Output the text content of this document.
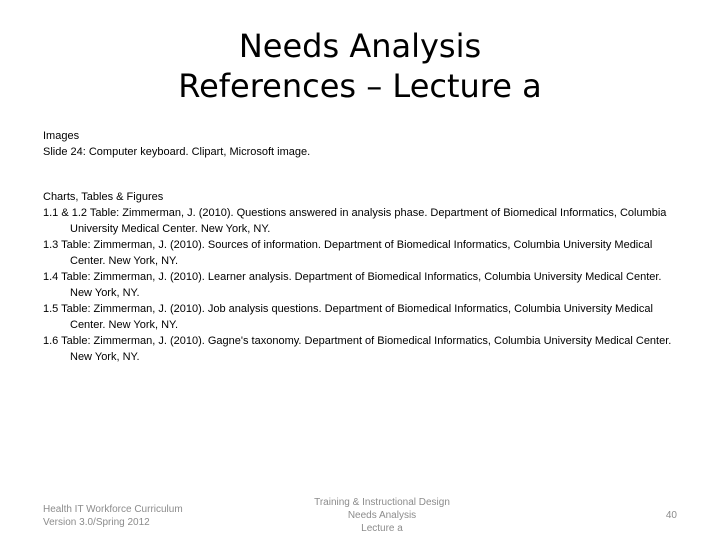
Needs Analysis
References – Lecture a

Images

Slide 24: Computer keyboard. Clipart, Microsoft image.

Charts, Tables & Figures

1.1 & 1.2 Table: Zimmerman, J. (2010). Questions answered in analysis phase. Department of Biomedical Informatics, Columbia University Medical Center. New York, NY.

1.3 Table: Zimmerman, J. (2010). Sources of information. Department of Biomedical Informatics, Columbia University Medical Center. New York, NY.

1.4 Table: Zimmerman, J. (2010). Learner analysis. Department of Biomedical Informatics, Columbia University Medical Center. New York, NY.

1.5 Table: Zimmerman, J. (2010). Job analysis questions. Department of Biomedical Informatics, Columbia University Medical Center. New York, NY.

1.6 Table: Zimmerman, J. (2010). Gagne's taxonomy. Department of Biomedical Informatics, Columbia University Medical Center. New York, NY.

Health IT Workforce Curriculum
Version 3.0/Spring 2012
Training & Instructional Design
Needs Analysis
Lecture a
40
